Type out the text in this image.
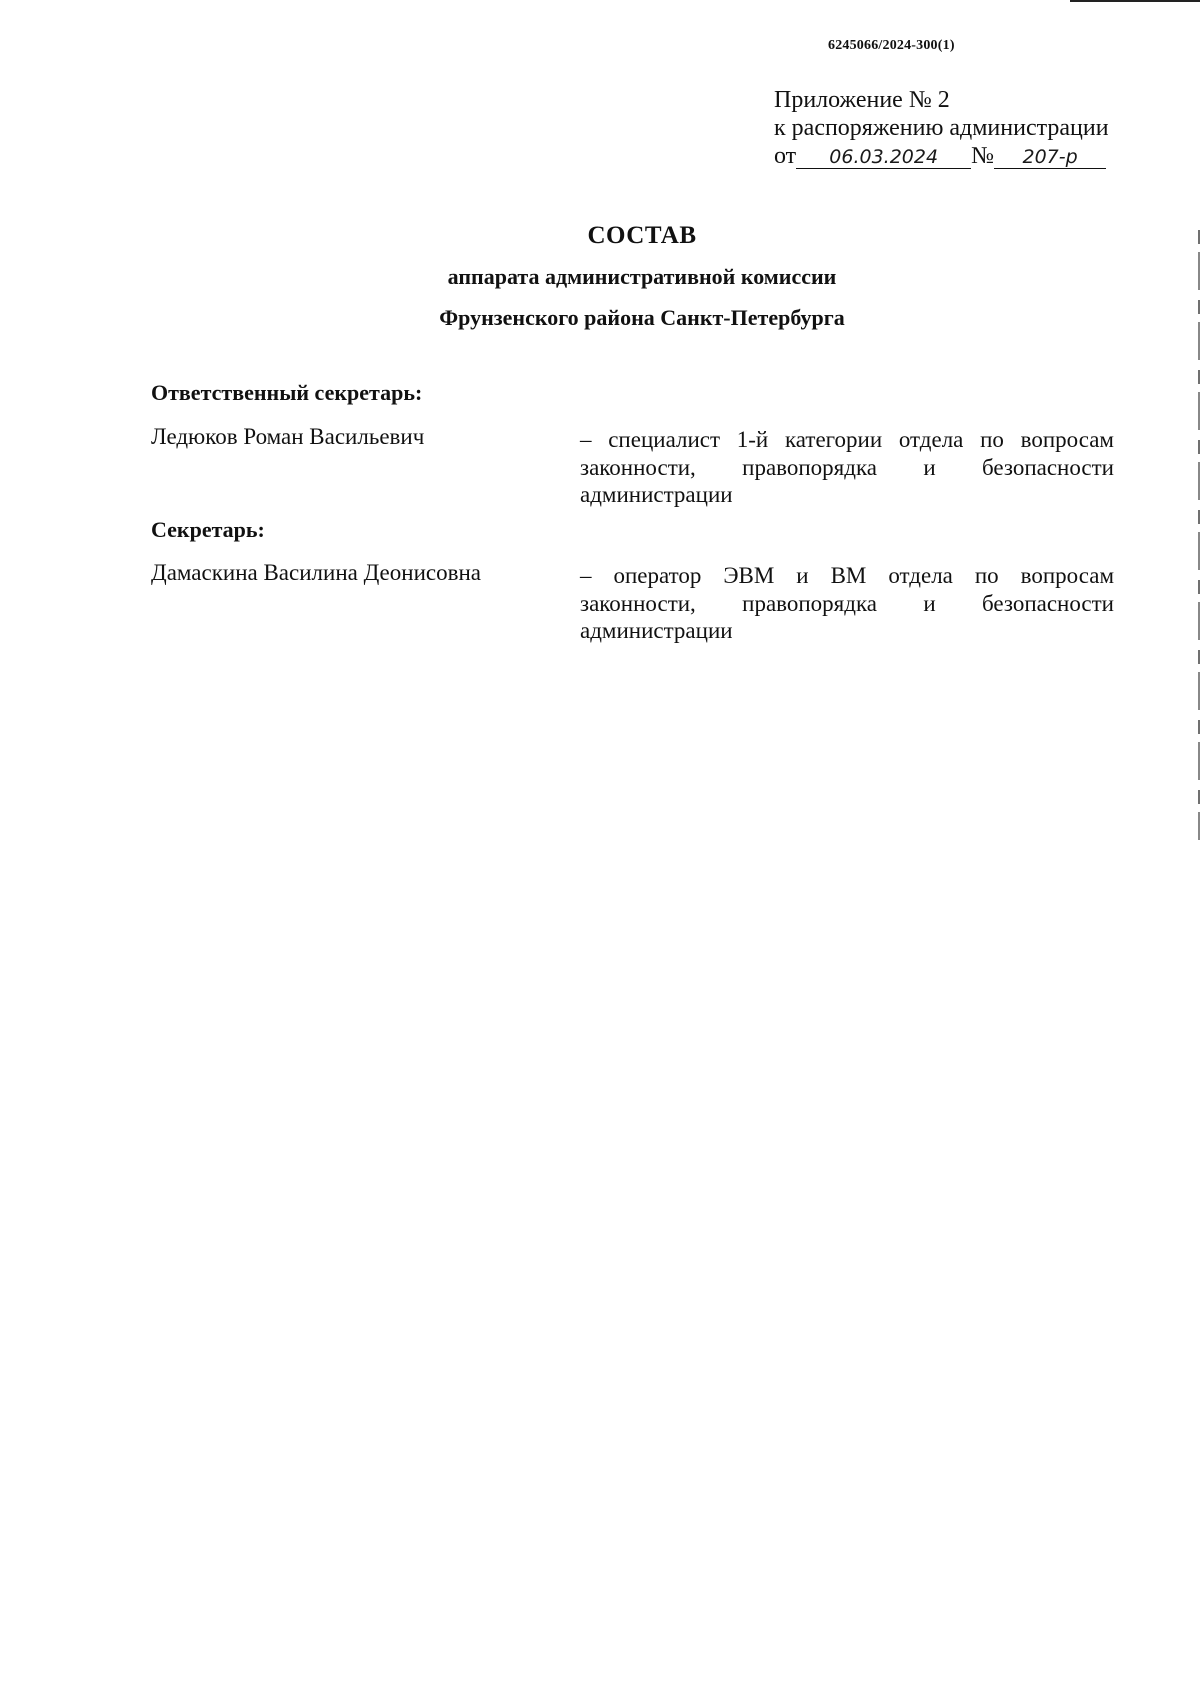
6245066/2024-300(1)
Приложение № 2
к распоряжению администрации
от	06.03.2024	№	207-р
СОСТАВ
аппарата административной комиссии
Фрунзенского района Санкт-Петербурга
Ответственный секретарь:
Ледюков Роман Васильевич	– специалист 1-й категории отдела по вопросам законности, правопорядка и безопасности администрации
Секретарь:
Дамаскина Василина Деонисовна	– оператор ЭВМ и ВМ отдела по вопросам законности, правопорядка и безопасности администрации
